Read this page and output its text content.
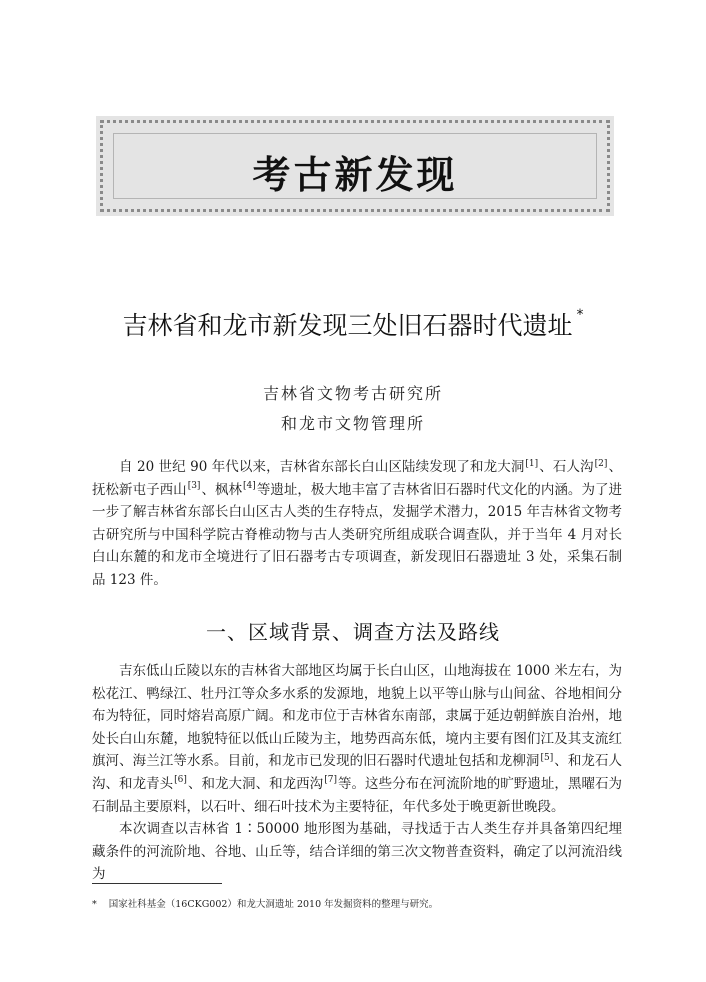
考古新发现
吉林省和龙市新发现三处旧石器时代遗址 *
吉林省文物考古研究所
和龙市文物管理所

自 20 世纪 90 年代以来，吉林省东部长白山区陆续发现了和龙大洞[1]、石人沟[2]、抚松新屯子西山[3]、枫林[4]等遗址，极大地丰富了吉林省旧石器时代文化的内涵。为了进一步了解吉林省东部长白山区古人类的生存特点，发掘学术潜力，2015 年吉林省文物考古研究所与中国科学院古脊椎动物与古人类研究所组成联合调查队，并于当年 4 月对长白山东麓的和龙市全境进行了旧石器考古专项调查，新发现旧石器遗址 3 处，采集石制品 123 件。

一、区域背景、调查方法及路线

吉东低山丘陵以东的吉林省大部地区均属于长白山区，山地海拔在 1000 米左右，为松花江、鸭绿江、牡丹江等众多水系的发源地，地貌上以平等山脉与山间盆、谷地相间分布为特征，同时熔岩高原广阔。和龙市位于吉林省东南部，隶属于延边朝鲜族自治州，地处长白山东麓，地貌特征以低山丘陵为主，地势西高东低，境内主要有图们江及其支流红旗河、海兰江等水系。目前，和龙市已发现的旧石器时代遗址包括和龙柳洞[5]、和龙石人沟、和龙青头[6]、和龙大洞、和龙西沟[7]等。这些分布在河流阶地的旷野遗址，黑曜石为石制品主要原料，以石叶、细石叶技术为主要特征，年代多处于晚更新世晚段。

本次调查以吉林省 1∶50000 地形图为基础，寻找适于古人类生存并具备第四纪埋藏条件的河流阶地、谷地、山丘等，结合详细的第三次文物普查资料，确定了以河流沿线为

* 国家社科基金（16CKG002）和龙大洞遗址 2010 年发掘资料的整理与研究。
